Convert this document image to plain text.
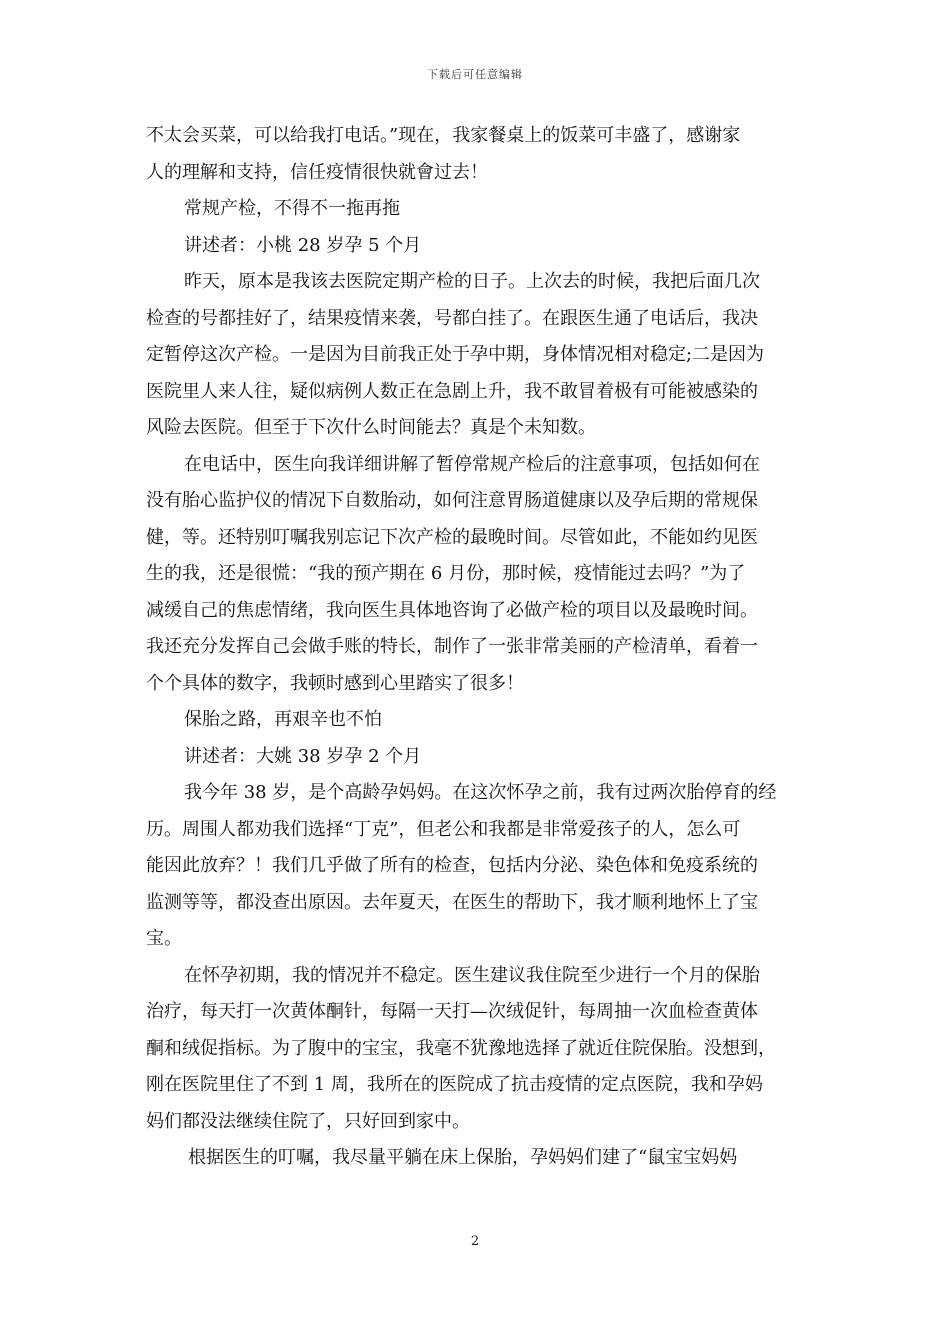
下载后可任意编辑
不太会买菜，可以给我打电话。”现在，我家餐桌上的饭菜可丰盛了，感谢家
人的理解和支持，信任疫情很快就會过去！
常规产检，不得不一拖再拖
讲述者：小桃 28 岁孕 5 个月
昨天，原本是我该去医院定期产检的日子。上次去的时候，我把后面几次
检查的号都挂好了，结果疫情来袭，号都白挂了。在跟医生通了电话后，我决
定暂停这次产检。一是因为目前我正处于孕中期，身体情况相对稳定;二是因为
医院里人来人往，疑似病例人数正在急剧上升，我不敢冒着极有可能被感染的
风险去医院。但至于下次什么时间能去？真是个未知数。
在电话中，医生向我详细讲解了暂停常规产检后的注意事项，包括如何在
没有胎心监护仪的情况下自数胎动，如何注意胃肠道健康以及孕后期的常规保
健，等。还特别叮嘱我别忘记下次产检的最晚时间。尽管如此，不能如约见医
生的我，还是很慌：“我的预产期在 6 月份，那时候，疫情能过去吗？”为了
减缓自己的焦虑情绪，我向医生具体地咨询了必做产检的项目以及最晚时间。
我还充分发挥自己会做手账的特长，制作了一张非常美丽的产检清单，看着一
个个具体的数字，我顿时感到心里踏实了很多！
保胎之路，再艰辛也不怕
讲述者：大姚 38 岁孕 2 个月
我今年 38 岁，是个高龄孕妈妈。在这次怀孕之前，我有过两次胎停育的经
历。周围人都劝我们选择“丁克”，但老公和我都是非常爱孩子的人，怎么可
能因此放弃？！我们几乎做了所有的检查，包括内分泌、染色体和免疫系统的
监测等等，都没查出原因。去年夏天，在医生的帮助下，我才顺利地怀上了宝
宝。
在怀孕初期，我的情况并不稳定。医生建议我住院至少进行一个月的保胎
治疗，每天打一次黄体酮针，每隔一天打—次绒促针，每周抽一次血检查黄体
酮和绒促指标。为了腹中的宝宝，我毫不犹豫地选择了就近住院保胎。没想到，
刚在医院里住了不到 1 周，我所在的医院成了抗击疫情的定点医院，我和孕妈
妈们都没法继续住院了，只好回到家中。
根据医生的叮嘱，我尽量平躺在床上保胎，孕妈妈们建了“鼠宝宝妈妈
2
